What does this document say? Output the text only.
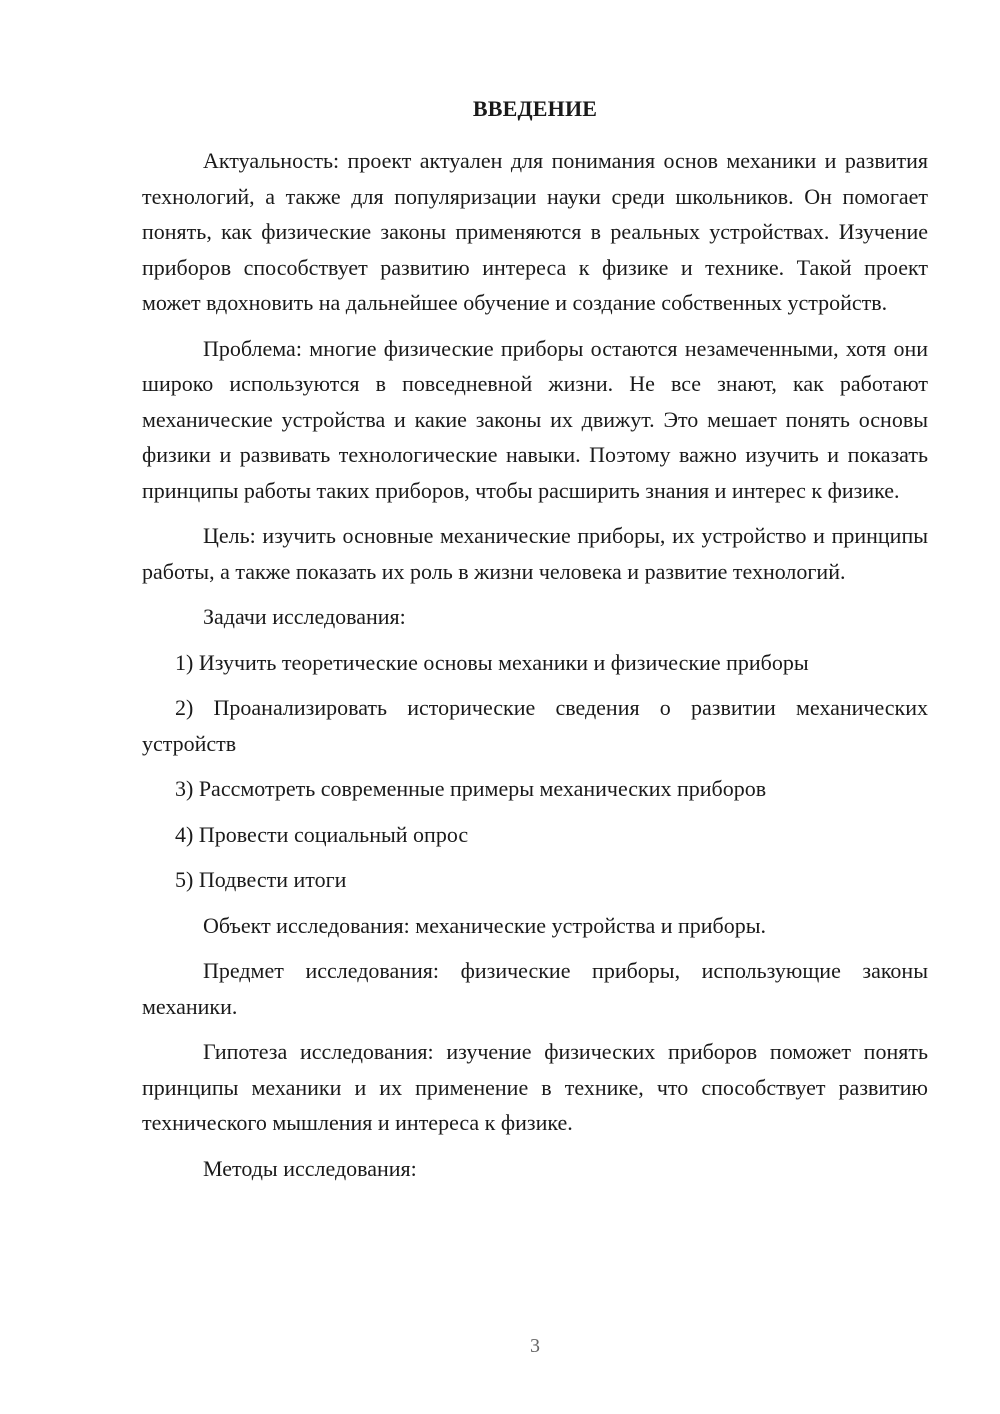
ВВЕДЕНИЕ

Актуальность: проект актуален для понимания основ механики и развития технологий, а также для популяризации науки среди школьников. Он помогает понять, как физические законы применяются в реальных устройствах. Изучение приборов способствует развитию интереса к физике и технике. Такой проект может вдохновить на дальнейшее обучение и создание собственных устройств.

Проблема: многие физические приборы остаются незамеченными, хотя они широко используются в повседневной жизни. Не все знают, как работают механические устройства и какие законы их движут. Это мешает понять основы физики и развивать технологические навыки. Поэтому важно изучить и показать принципы работы таких приборов, чтобы расширить знания и интерес к физике.

Цель: изучить основные механические приборы, их устройство и принципы работы, а также показать их роль в жизни человека и развитие технологий.

Задачи исследования:

1) Изучить теоретические основы механики и физические приборы

2) Проанализировать исторические сведения о развитии механических устройств

3) Рассмотреть современные примеры механических приборов

4) Провести социальный опрос

5) Подвести итоги

Объект исследования: механические устройства и приборы.

Предмет исследования: физические приборы, использующие законы механики.

Гипотеза исследования: изучение физических приборов поможет понять принципы механики и их применение в технике, что способствует развитию технического мышления и интереса к физике.

Методы исследования:

3
